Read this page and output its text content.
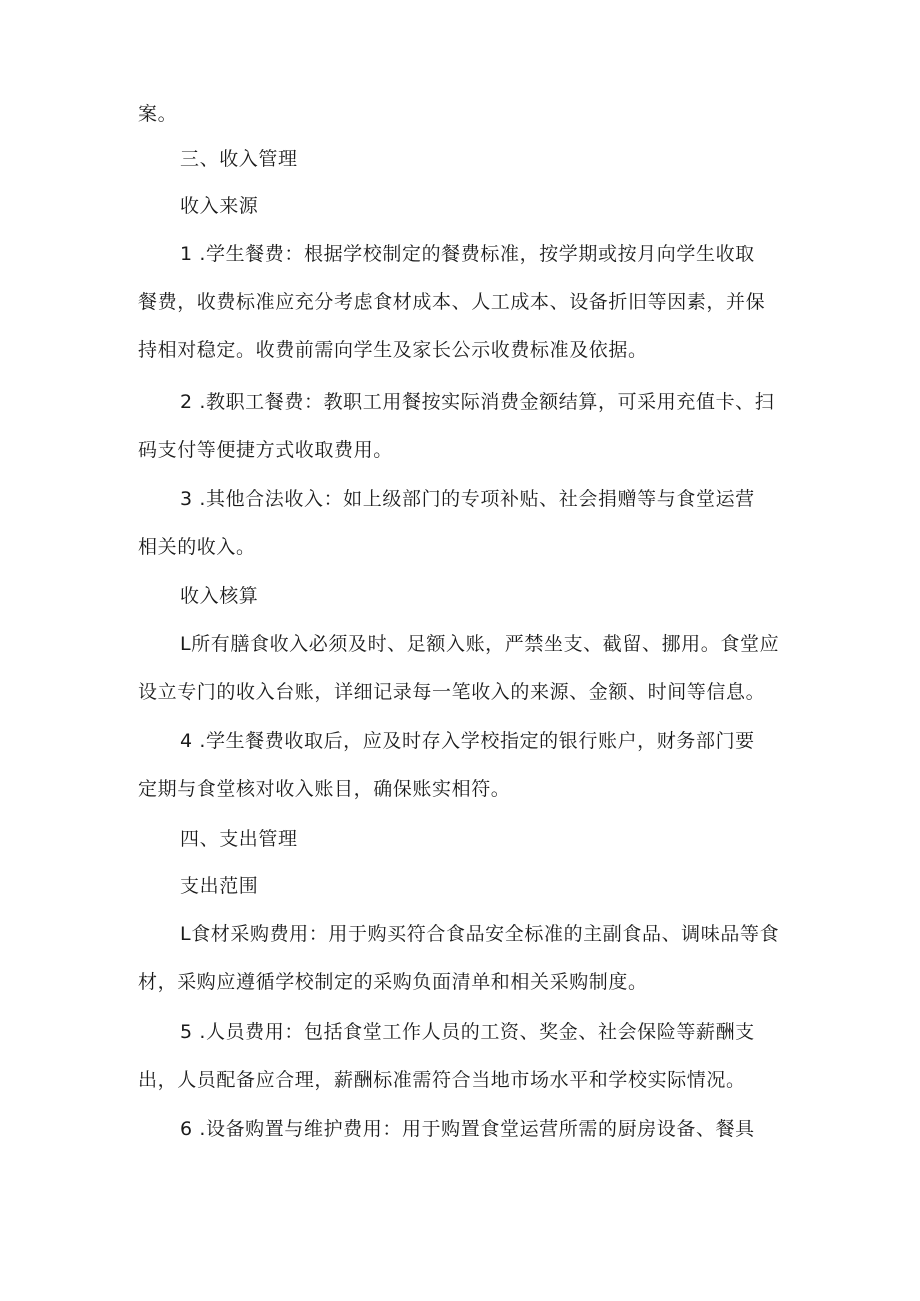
案。

三、收入管理
收入来源

1 .学生餐费：根据学校制定的餐费标准，按学期或按月向学生收取
餐费，收费标准应充分考虑食材成本、人工成本、设备折旧等因素，并保
持相对稳定。收费前需向学生及家长公示收费标准及依据。

2 .教职工餐费：教职工用餐按实际消费金额结算，可采用充值卡、扫
码支付等便捷方式收取费用。

3 .其他合法收入：如上级部门的专项补贴、社会捐赠等与食堂运营
相关的收入。

收入核算

L所有膳食收入必须及时、足额入账，严禁坐支、截留、挪用。食堂应
设立专门的收入台账，详细记录每一笔收入的来源、金额、时间等信息。

4 .学生餐费收取后，应及时存入学校指定的银行账户，财务部门要
定期与食堂核对收入账目，确保账实相符。

四、支出管理
支出范围

L食材采购费用：用于购买符合食品安全标准的主副食品、调味品等食
材，采购应遵循学校制定的采购负面清单和相关采购制度。

5 .人员费用：包括食堂工作人员的工资、奖金、社会保险等薪酬支
出，人员配备应合理，薪酬标准需符合当地市场水平和学校实际情况。

6 .设备购置与维护费用：用于购置食堂运营所需的厨房设备、餐具
